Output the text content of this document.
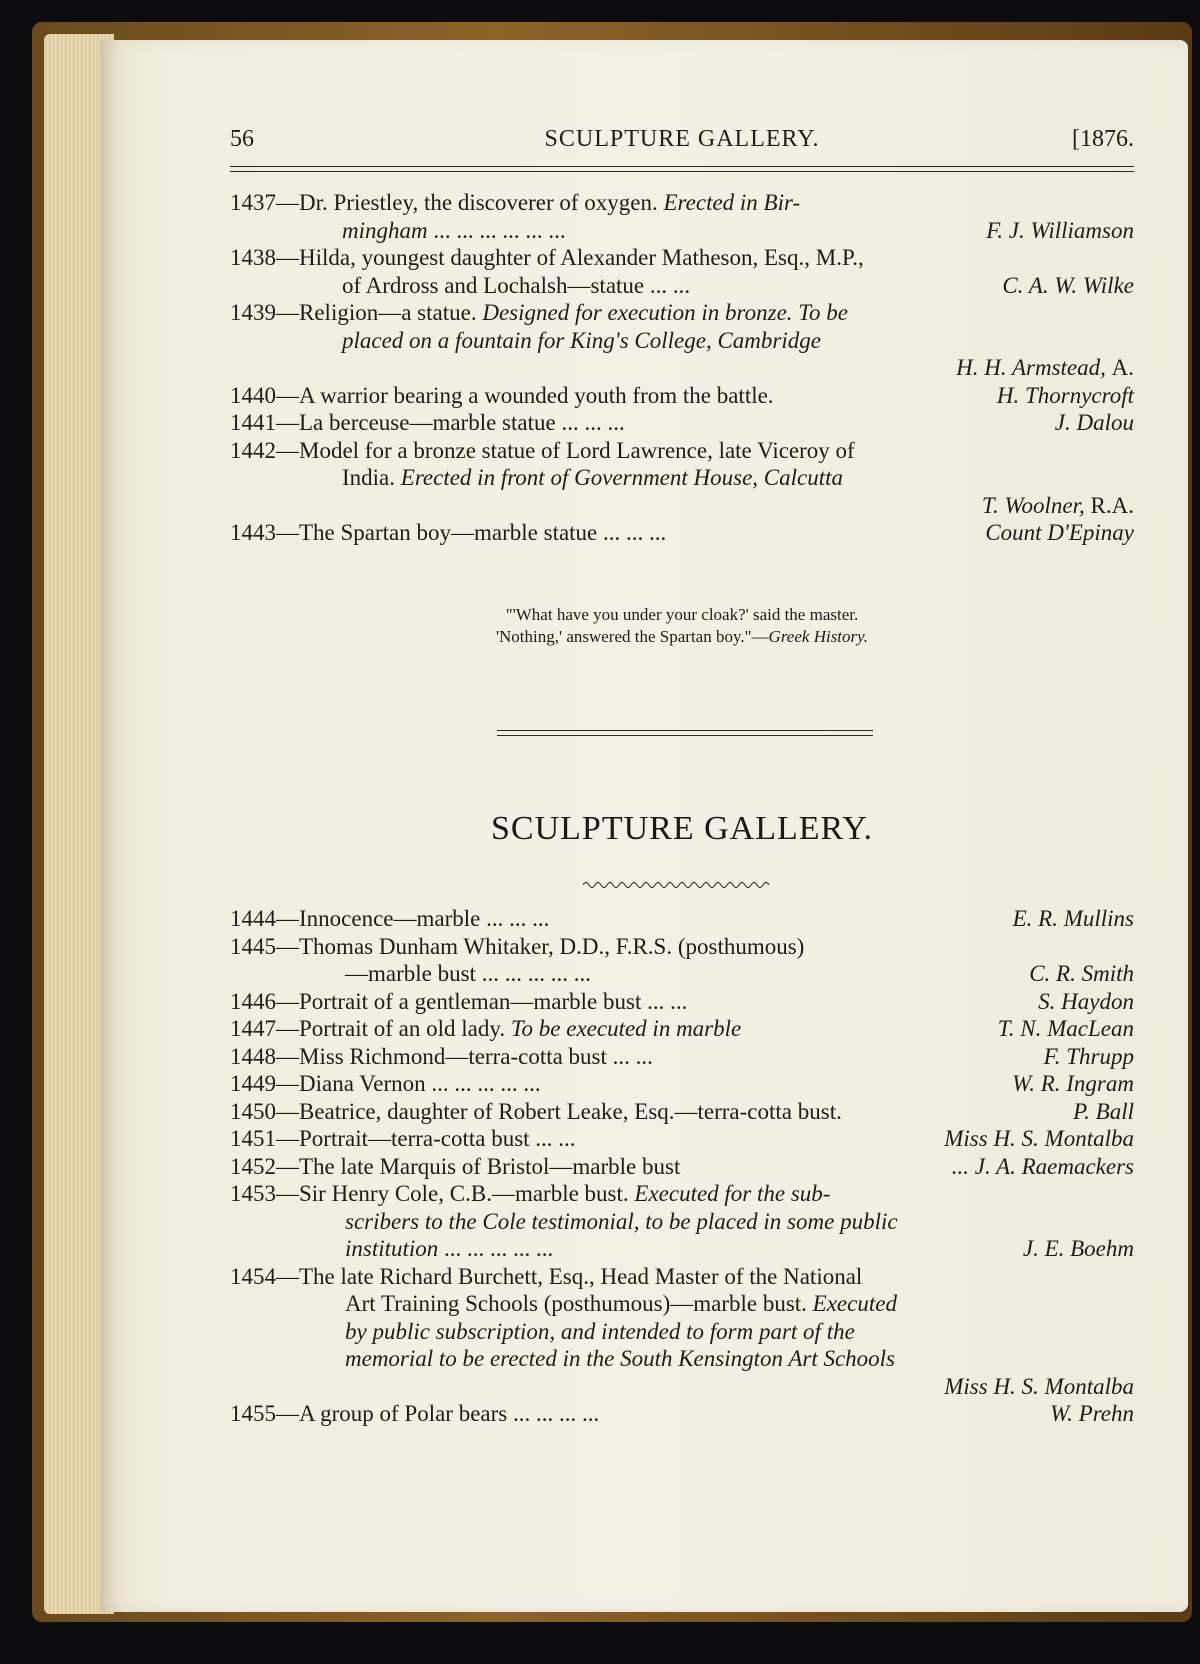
56	SCULPTURE GALLERY.	[1876.
1437—Dr. Priestley, the discoverer of oxygen. Erected in Bir-
mingham ... ... ... ... ... ...	F. J. Williamson
1438—Hilda, youngest daughter of Alexander Matheson, Esq., M.P.,
of Ardross and Lochalsh—statue ... ...	C. A. W. Wilke
1439—Religion—a statue. Designed for execution in bronze. To be
placed on a fountain for King's College, Cambridge
H. H. Armstead, A.
1440—A warrior bearing a wounded youth from the battle.	H. Thornycroft
1441—La berceuse—marble statue ... ... ...	J. Dalou
1442—Model for a bronze statue of Lord Lawrence, late Viceroy of
India. Erected in front of Government House, Calcutta
T. Woolner, R.A.
1443—The Spartan boy—marble statue ... ... ...	Count D'Epinay
"'What have you under your cloak?' said the master.
'Nothing,' answered the Spartan boy."—Greek History.
SCULPTURE GALLERY.
1444—Innocence—marble ... ... ...	E. R. Mullins
1445—Thomas Dunham Whitaker, D.D., F.R.S. (posthumous)
—marble bust ... ... ... ... ...	C. R. Smith
1446—Portrait of a gentleman—marble bust ... ...	S. Haydon
1447—Portrait of an old lady. To be executed in marble	T. N. MacLean
1448—Miss Richmond—terra-cotta bust ... ...	F. Thrupp
1449—Diana Vernon ... ... ... ... ...	W. R. Ingram
1450—Beatrice, daughter of Robert Leake, Esq.—terra-cotta bust.	P. Ball
1451—Portrait—terra-cotta bust ... ...	Miss H. S. Montalba
1452—The late Marquis of Bristol—marble bust	... J. A. Raemackers
1453—Sir Henry Cole, C.B.—marble bust. Executed for the sub-
scribers to the Cole testimonial, to be placed in some public
institution ... ... ... ... ...	J. E. Boehm
1454—The late Richard Burchett, Esq., Head Master of the National
Art Training Schools (posthumous)—marble bust. Executed
by public subscription, and intended to form part of the
memorial to be erected in the South Kensington Art Schools
Miss H. S. Montalba
1455—A group of Polar bears ... ... ... ...	W. Prehn
